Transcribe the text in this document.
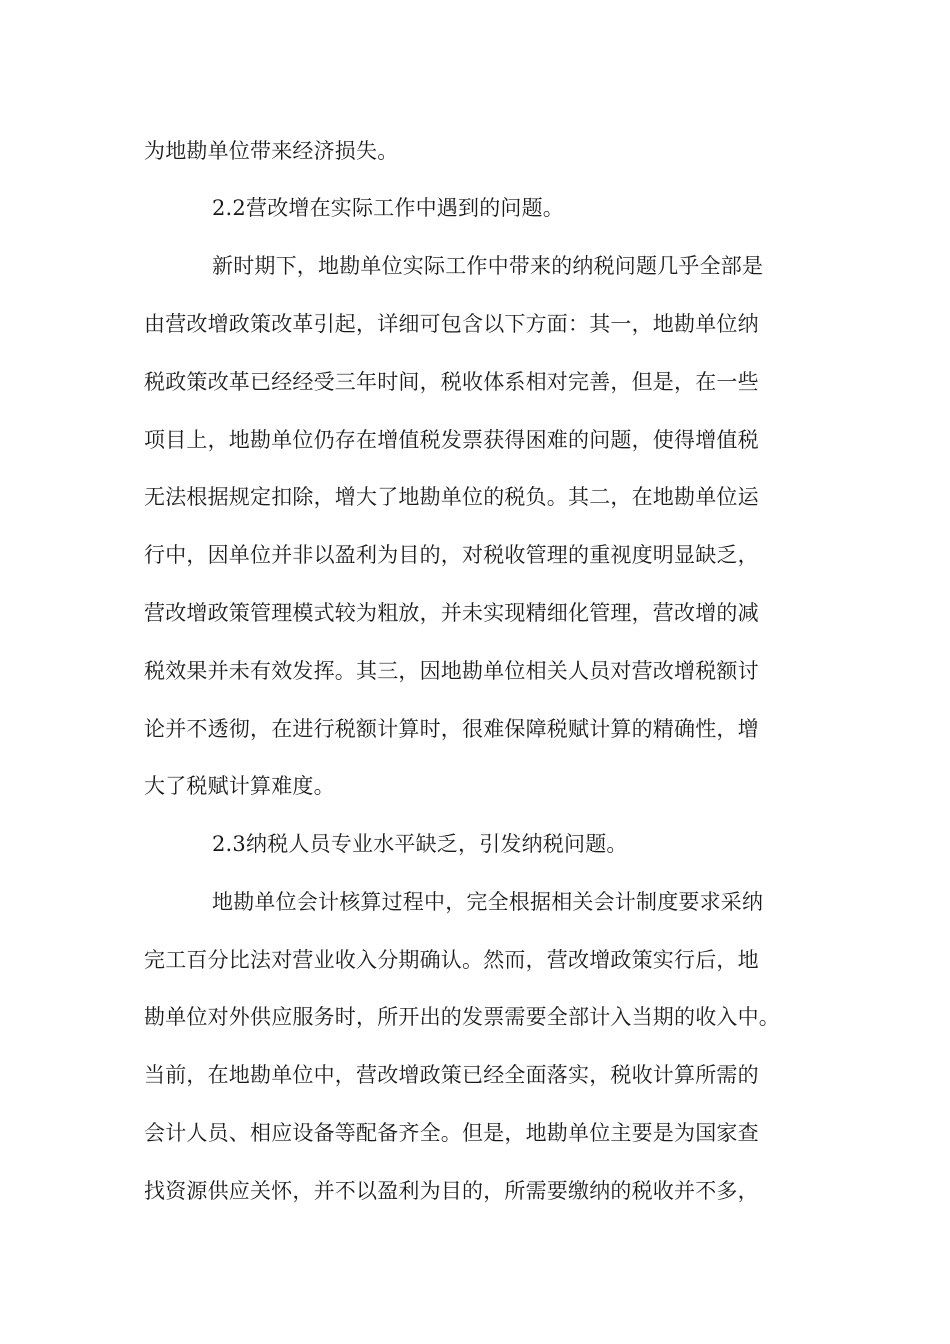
为地勘单位带来经济损失。
2.2营改增在实际工作中遇到的问题。
新时期下，地勘单位实际工作中带来的纳税问题几乎全部是
由营改增政策改革引起，详细可包含以下方面：其一，地勘单位纳
税政策改革已经经受三年时间，税收体系相对完善，但是，在一些
项目上，地勘单位仍存在增值税发票获得困难的问题，使得增值税
无法根据规定扣除，增大了地勘单位的税负。其二，在地勘单位运
行中，因单位并非以盈利为目的，对税收管理的重视度明显缺乏，
营改增政策管理模式较为粗放，并未实现精细化管理，营改增的减
税效果并未有效发挥。其三，因地勘单位相关人员对营改增税额讨
论并不透彻，在进行税额计算时，很难保障税赋计算的精确性，增
大了税赋计算难度。
2.3纳税人员专业水平缺乏，引发纳税问题。
地勘单位会计核算过程中，完全根据相关会计制度要求采纳
完工百分比法对营业收入分期确认。然而，营改增政策实行后，地
勘单位对外供应服务时，所开出的发票需要全部计入当期的收入中。
当前，在地勘单位中，营改增政策已经全面落实，税收计算所需的
会计人员、相应设备等配备齐全。但是，地勘单位主要是为国家查
找资源供应关怀，并不以盈利为目的，所需要缴纳的税收并不多，
